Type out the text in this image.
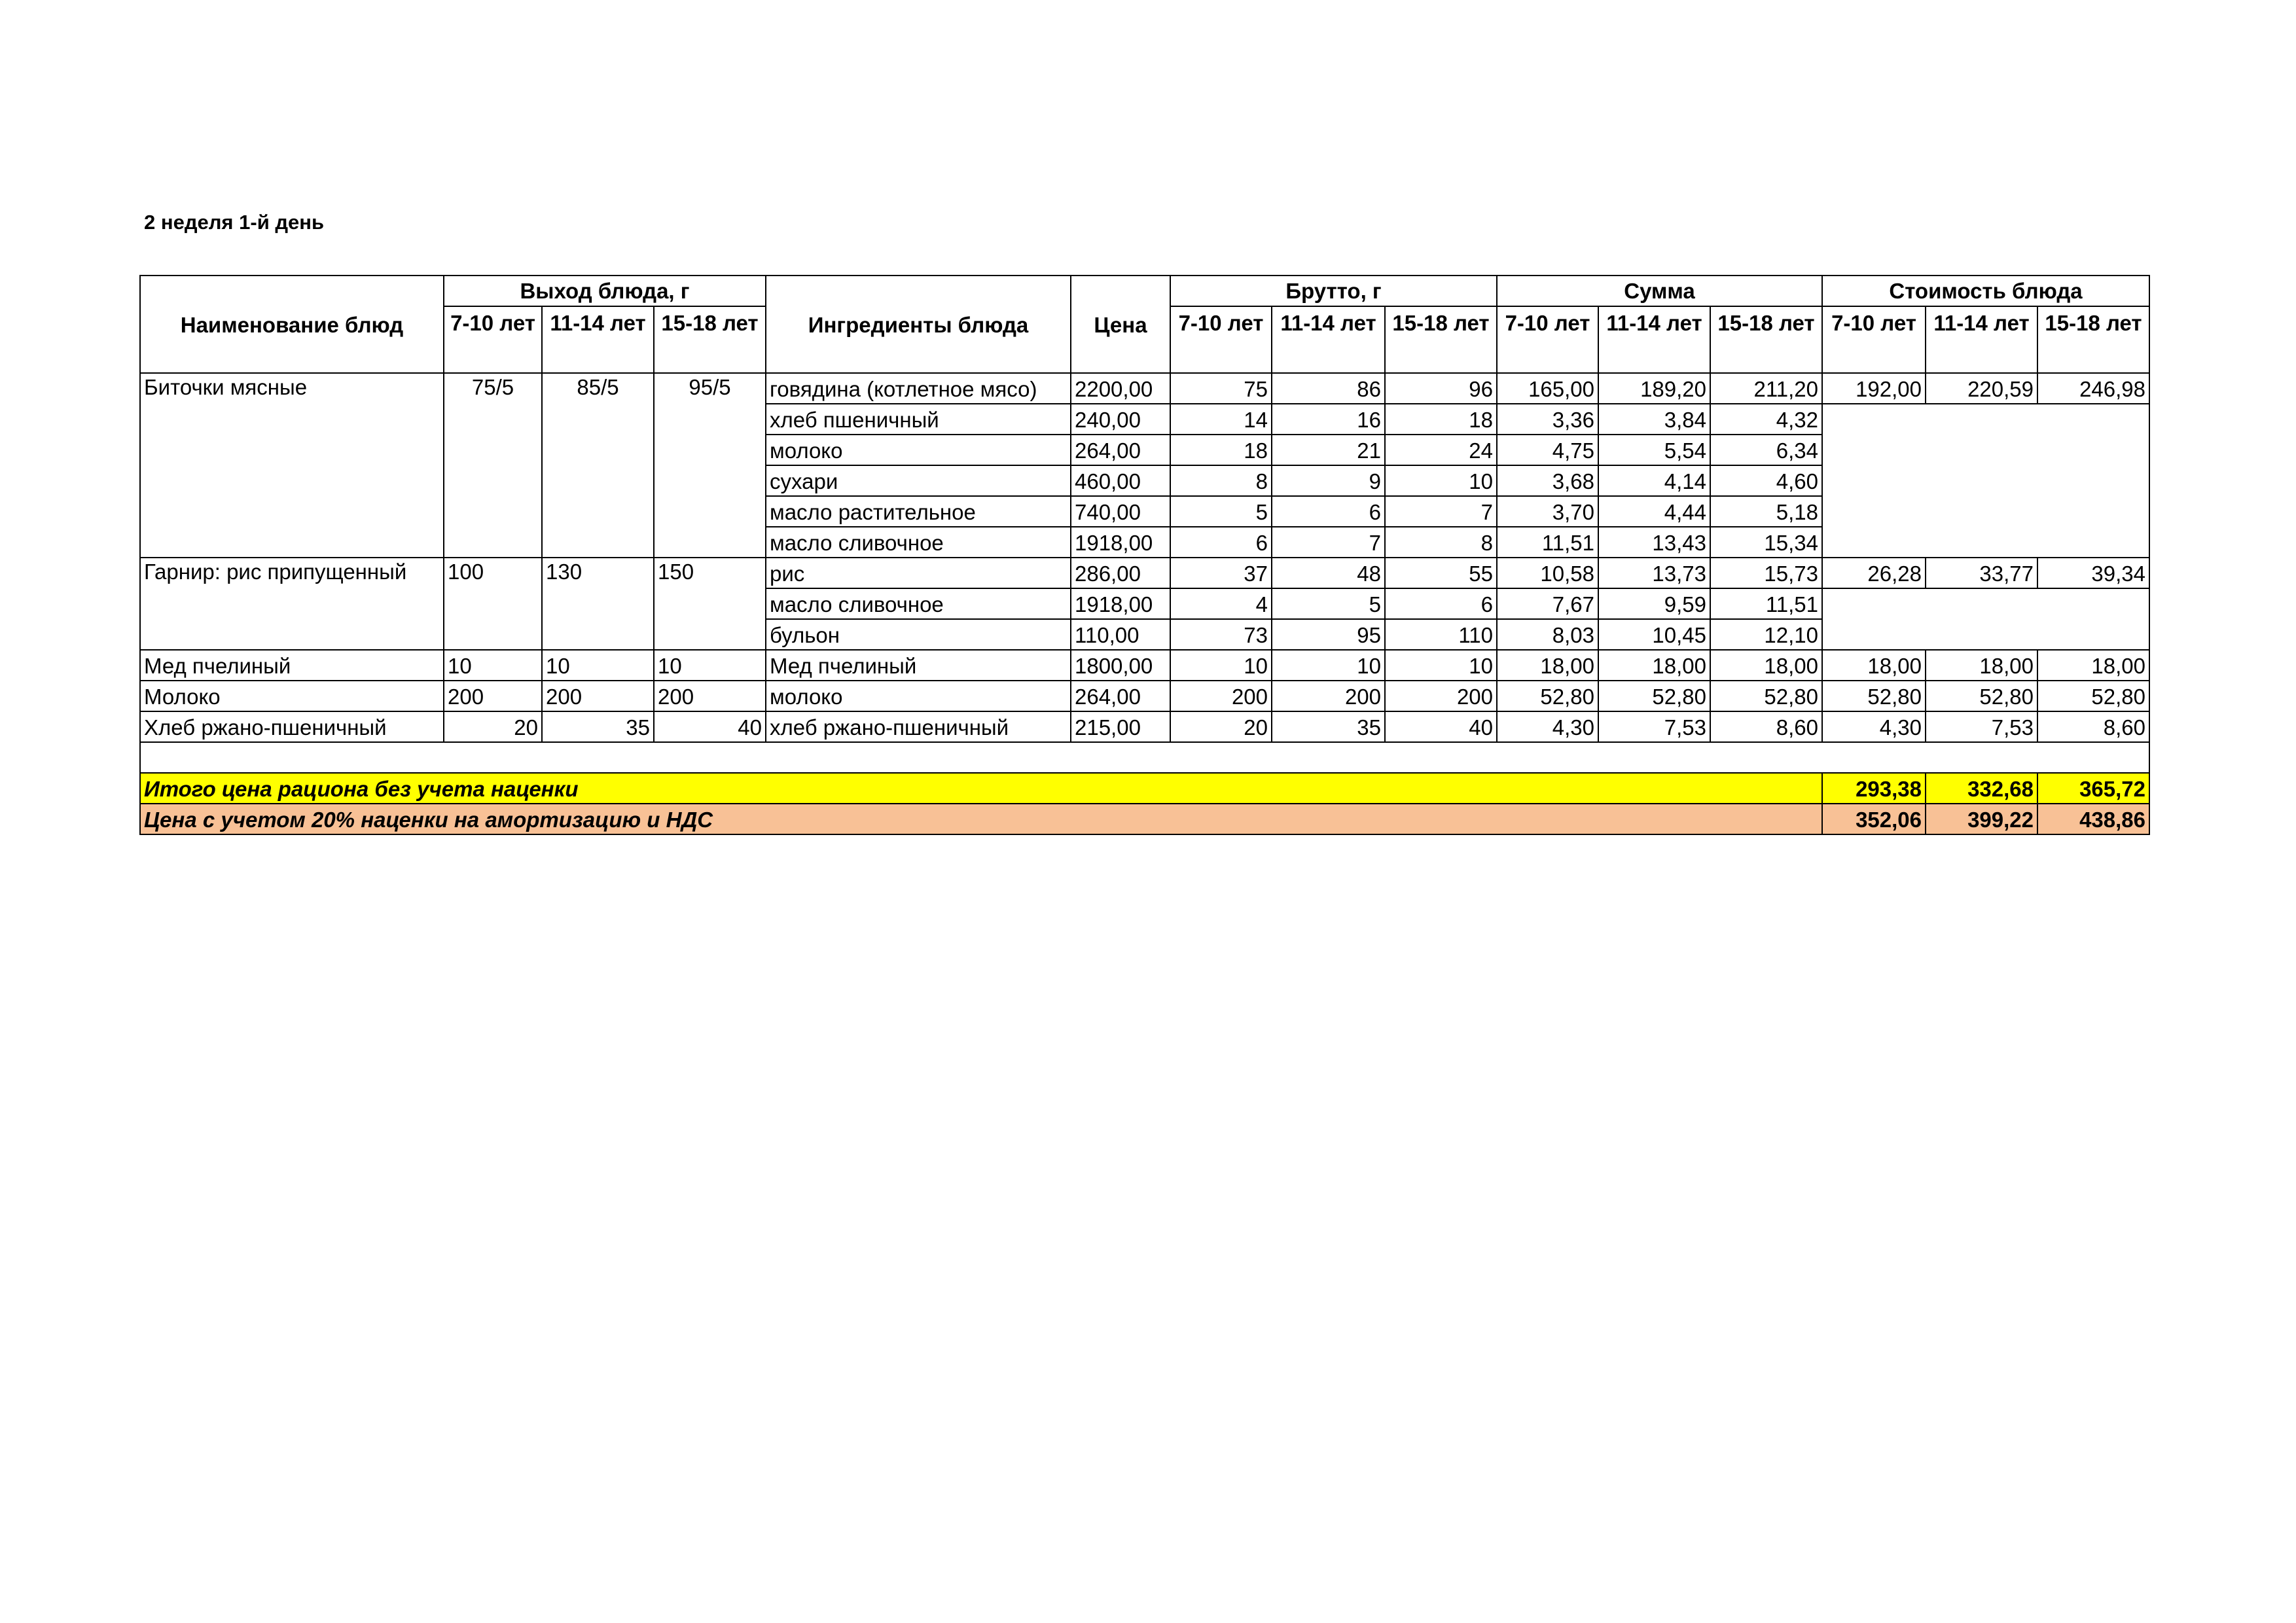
2 неделя 1-й день
Наименование блюд	Выход блюда, г			Ингредиенты блюда	Цена	Брутто, г			Сумма			Стоимость блюда		
	7-10 лет	11-14 лет	15-18 лет			7-10 лет	11-14 лет	15-18 лет	7-10 лет	11-14 лет	15-18 лет	7-10 лет	11-14 лет	15-18 лет
Биточки мясные	75/5	85/5	95/5	говядина (котлетное мясо)	2200,00	75	86	96	165,00	189,20	211,20	192,00	220,59	246,98
				хлеб пшеничный	240,00	14	16	18	3,36	3,84	4,32			
				молоко	264,00	18	21	24	4,75	5,54	6,34			
				сухари	460,00	8	9	10	3,68	4,14	4,60			
				масло растительное	740,00	5	6	7	3,70	4,44	5,18			
				масло сливочное	1918,00	6	7	8	11,51	13,43	15,34			
Гарнир: рис припущенный	100	130	150	рис	286,00	37	48	55	10,58	13,73	15,73	26,28	33,77	39,34
				масло сливочное	1918,00	4	5	6	7,67	9,59	11,51			
				бульон	110,00	73	95	110	8,03	10,45	12,10			
Мед пчелиный	10	10	10	Мед пчелиный	1800,00	10	10	10	18,00	18,00	18,00	18,00	18,00	18,00
Молоко	200	200	200	молоко	264,00	200	200	200	52,80	52,80	52,80	52,80	52,80	52,80
Хлеб ржано-пшеничный	20	35	40	хлеб ржано-пшеничный	215,00	20	35	40	4,30	7,53	8,60	4,30	7,53	8,60

Итого цена рациона без учета наценки												293,38	332,68	365,72
Цена с учетом 20% наценки на амортизацию и НДС												352,06	399,22	438,86
